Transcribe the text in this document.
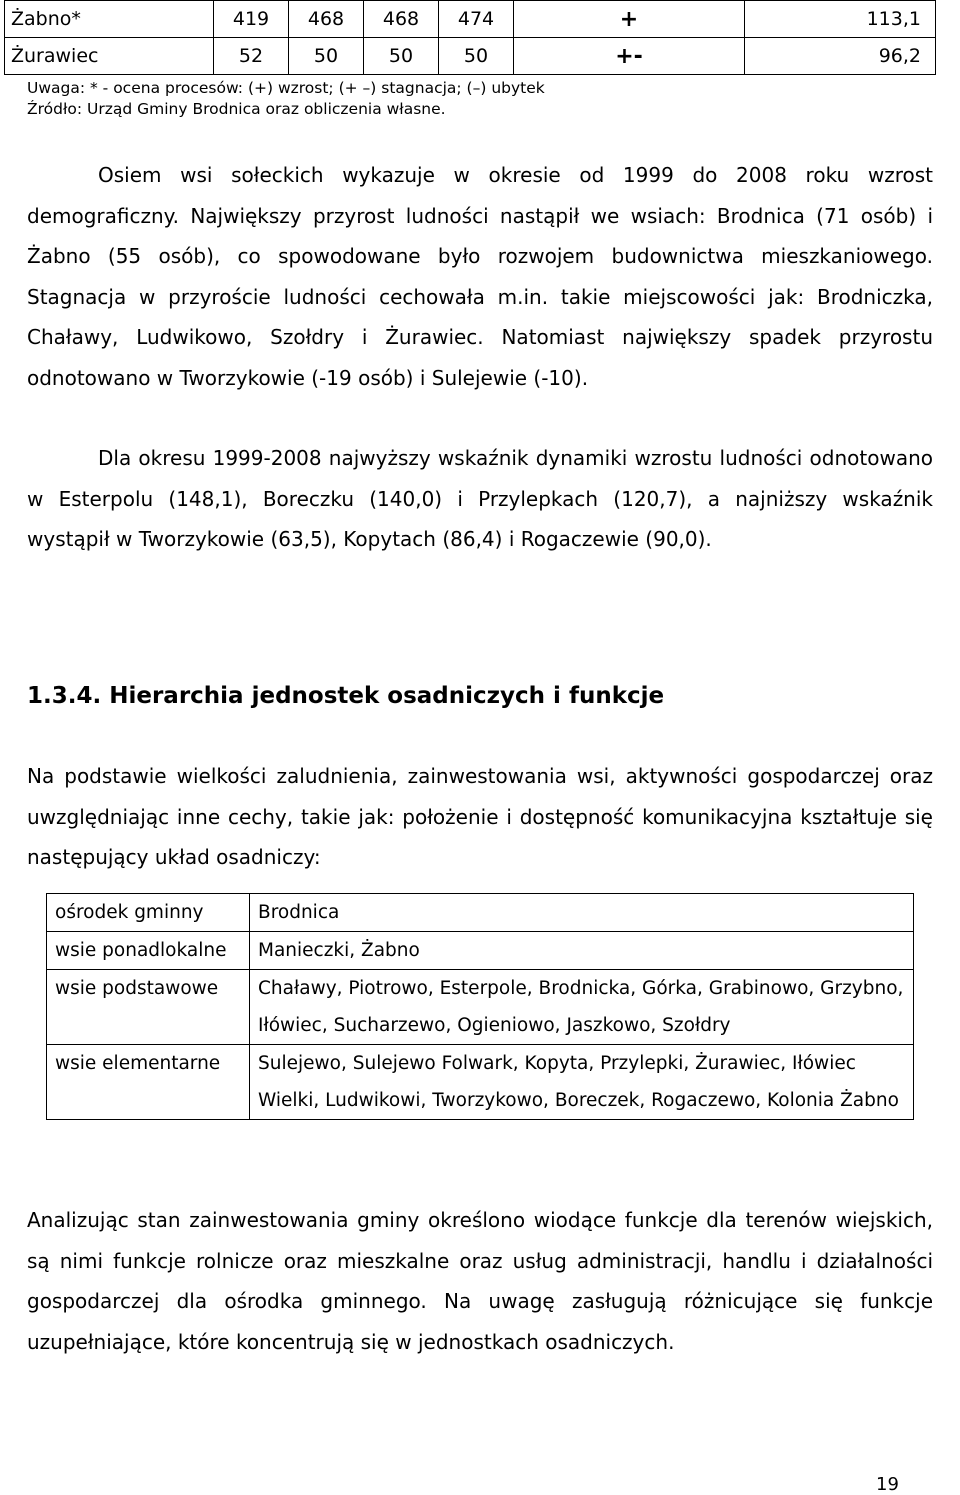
Żabno*	419	468	468	474	+	113,1
Żurawiec	52	50	50	50	+-	96,2
Uwaga: * - ocena procesów: (+) wzrost; (+ –) stagnacja; (–) ubytek
Źródło: Urząd Gminy Brodnica oraz obliczenia własne.

Osiem wsi sołeckich wykazuje w okresie od 1999 do 2008 roku wzrost demograficzny. Największy przyrost ludności nastąpił we wsiach: Brodnica (71 osób) i Żabno (55 osób), co spowodowane było rozwojem budownictwa mieszkaniowego. Stagnacja w przyroście ludności cechowała m.in. takie miejscowości jak: Brodniczka, Chaławy, Ludwikowo, Szołdry i Żurawiec. Natomiast największy spadek przyrostu odnotowano w Tworzykowie (-19 osób) i Sulejewie (-10).

Dla okresu 1999-2008 najwyższy wskaźnik dynamiki wzrostu ludności odnotowano w Esterpolu (148,1), Boreczku (140,0) i Przylepkach (120,7), a najniższy wskaźnik wystąpił w Tworzykowie (63,5), Kopytach (86,4) i Rogaczewie (90,0).

1.3.4. Hierarchia jednostek osadniczych i funkcje

Na podstawie wielkości zaludnienia, zainwestowania wsi, aktywności gospodarczej oraz uwzględniając inne cechy, takie jak: położenie i dostępność komunikacyjna kształtuje się następujący układ osadniczy:

ośrodek gminny	Brodnica
wsie ponadlokalne	Manieczki, Żabno
wsie podstawowe	Chaławy, Piotrowo, Esterpole, Brodnicka, Górka, Grabinowo, Grzybno, Iłówiec, Sucharzewo, Ogieniowo, Jaszkowo, Szołdry
wsie elementarne	Sulejewo, Sulejewo Folwark, Kopyta, Przylepki, Żurawiec, Iłówiec Wielki, Ludwikowi, Tworzykowo, Boreczek, Rogaczewo, Kolonia Żabno

Analizując stan zainwestowania gminy określono wiodące funkcje dla terenów wiejskich, są nimi funkcje rolnicze oraz mieszkalne oraz usług administracji, handlu i działalności gospodarczej dla ośrodka gminnego. Na uwagę zasługują różnicujące się funkcje uzupełniające, które koncentrują się w jednostkach osadniczych.

19
